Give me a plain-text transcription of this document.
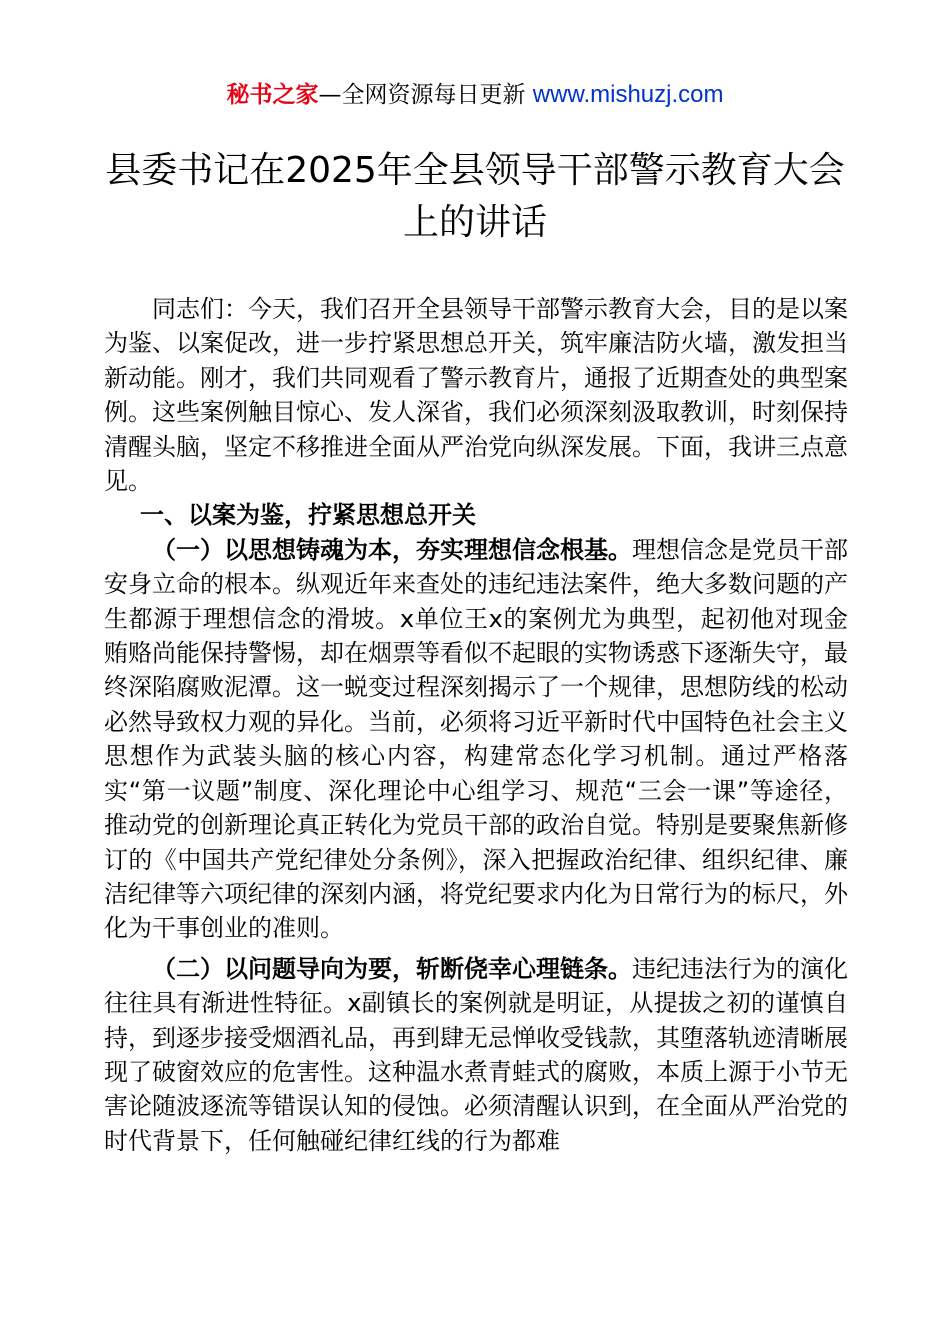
秘书之家—全网资源每日更新 www.mishuzj.com
县委书记在2025年全县领导干部警示教育大会
上的讲话

同志们：今天，我们召开全县领导干部警示教育大会，目的是以案为鉴、以案促改，进一步拧紧思想总开关，筑牢廉洁防火墙，激发担当新动能。刚才，我们共同观看了警示教育片，通报了近期查处的典型案例。这些案例触目惊心、发人深省，我们必须深刻汲取教训，时刻保持清醒头脑，坚定不移推进全面从严治党向纵深发展。下面，我讲三点意见。

一、以案为鉴，拧紧思想总开关

（一）以思想铸魂为本，夯实理想信念根基。理想信念是党员干部安身立命的根本。纵观近年来查处的违纪违法案件，绝大多数问题的产生都源于理想信念的滑坡。x单位王x的案例尤为典型，起初他对现金贿赂尚能保持警惕，却在烟票等看似不起眼的实物诱惑下逐渐失守，最终深陷腐败泥潭。这一蜕变过程深刻揭示了一个规律，思想防线的松动必然导致权力观的异化。当前，必须将习近平新时代中国特色社会主义思想作为武装头脑的核心内容，构建常态化学习机制。通过严格落实“第一议题”制度、深化理论中心组学习、规范“三会一课”等途径，推动党的创新理论真正转化为党员干部的政治自觉。特别是要聚焦新修订的《中国共产党纪律处分条例》，深入把握政治纪律、组织纪律、廉洁纪律等六项纪律的深刻内涵，将党纪要求内化为日常行为的标尺，外化为干事创业的准则。

（二）以问题导向为要，斩断侥幸心理链条。违纪违法行为的演化往往具有渐进性特征。x副镇长的案例就是明证，从提拔之初的谨慎自持，到逐步接受烟酒礼品，再到肆无忌惮收受钱款，其堕落轨迹清晰展现了破窗效应的危害性。这种温水煮青蛙式的腐败，本质上源于小节无害论随波逐流等错误认知的侵蚀。必须清醒认识到，在全面从严治党的时代背景下，任何触碰纪律红线的行为都难
